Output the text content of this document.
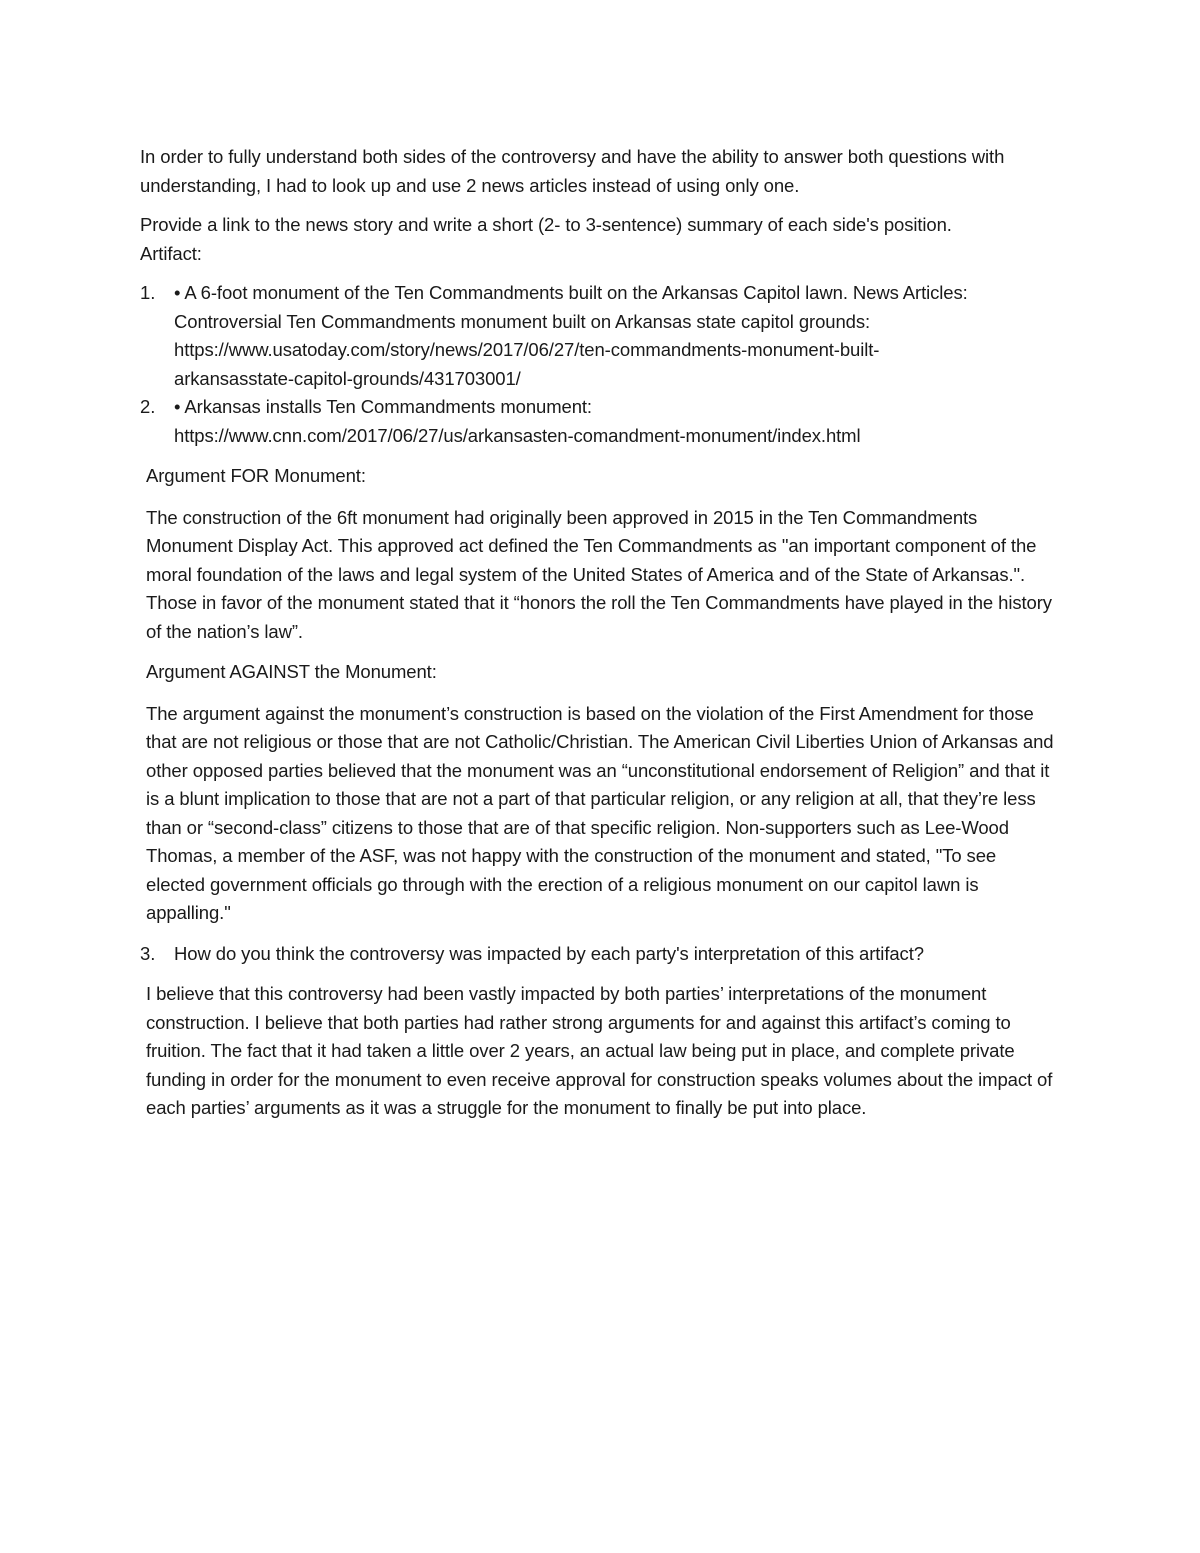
In order to fully understand both sides of the controversy and have the ability to answer both questions with understanding, I had to look up and use 2 news articles instead of using only one.

Provide a link to the news story and write a short (2- to 3-sentence) summary of each side's position.
Artifact:

1.	• A 6-foot monument of the Ten Commandments built on the Arkansas Capitol lawn. News Articles: Controversial Ten Commandments monument built on Arkansas state capitol grounds:
https://www.usatoday.com/story/news/2017/06/27/ten-commandments-monument-built-
arkansasstate-capitol-grounds/431703001/
2.	• Arkansas installs Ten Commandments monument:
https://www.cnn.com/2017/06/27/us/arkansasten-comandment-monument/index.html

Argument FOR Monument:

The construction of the 6ft monument had originally been approved in 2015 in the Ten Commandments Monument Display Act. This approved act defined the Ten Commandments as "an important component of the moral foundation of the laws and legal system of the United States of America and of the State of Arkansas.". Those in favor of the monument stated that it “honors the roll the Ten Commandments have played in the history of the nation’s law”.

Argument AGAINST the Monument:

The argument against the monument’s construction is based on the violation of the First Amendment for those that are not religious or those that are not Catholic/Christian. The American Civil Liberties Union of Arkansas and other opposed parties believed that the monument was an “unconstitutional endorsement of Religion” and that it is a blunt implication to those that are not a part of that particular religion, or any religion at all, that they’re less than or “second-class” citizens to those that are of that specific religion. Non-supporters such as Lee-Wood Thomas, a member of the ASF, was not happy with the construction of the monument and stated, "To see elected government officials go through with the erection of a religious monument on our capitol lawn is appalling."

3.	How do you think the controversy was impacted by each party's interpretation of this artifact?

I believe that this controversy had been vastly impacted by both parties’ interpretations of the monument construction. I believe that both parties had rather strong arguments for and against this artifact’s coming to fruition. The fact that it had taken a little over 2 years, an actual law being put in place, and complete private funding in order for the monument to even receive approval for construction speaks volumes about the impact of each parties’ arguments as it was a struggle for the monument to finally be put into place.
